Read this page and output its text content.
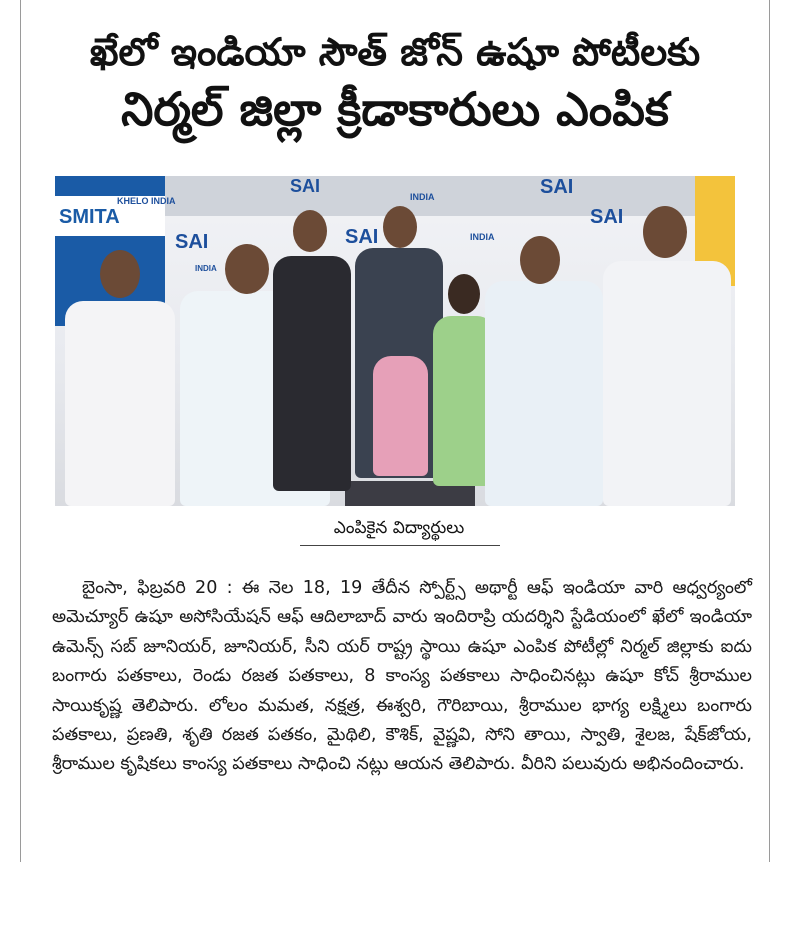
ఖేలో ఇండియా సౌత్ జోన్ ఉషూ పోటీలకు
నిర్మల్ జిల్లా క్రీడాకారులు ఎంపిక
SMITA
KHELO INDIA
SAI
SAI
SAI
SAI
SAI
INDIA
INDIA
INDIA
ఎంపికైన విద్యార్థులు

బైంసా, ఫిబ్రవరి 20 : ఈ నెల 18, 19 తేదీన స్పోర్ట్స్ అథార్టీ ఆఫ్ ఇండియా వారి ఆధ్వర్యంలో అమెచ్యూర్ ఉషూ అసోసియేషన్ ఆఫ్ ఆదిలాబాద్ వారు ఇందిరాప్రి యదర్శిని స్టేడియంలో ఖేలో ఇండియా ఉమెన్స్ సబ్ జూనియర్, జూనియర్, సీని యర్ రాష్ట్ర స్థాయి ఉషూ ఎంపిక పోటీల్లో నిర్మల్ జిల్లాకు ఐదు బంగారు పతకాలు, రెండు రజత పతకాలు, 8 కాంస్య పతకాలు సాధించినట్లు ఉషూ కోచ్ శ్రీరాముల సాయికృష్ణ తెలిపారు. లోలం మమత, నక్షత్ర, ఈశ్వరి, గౌరిబాయి, శ్రీరాముల భాగ్య లక్ష్మిలు బంగారు పతకాలు, ప్రణతి, శృతి రజత పతకం, మైథిలి, కౌశిక్, వైష్ణవి, సోని తాయి, స్వాతి, శైలజ, షేక్‌జోయ, శ్రీరాముల కృషికలు కాంస్య పతకాలు సాధించి నట్లు ఆయన తెలిపారు. వీరిని పలువురు అభినందించారు.
